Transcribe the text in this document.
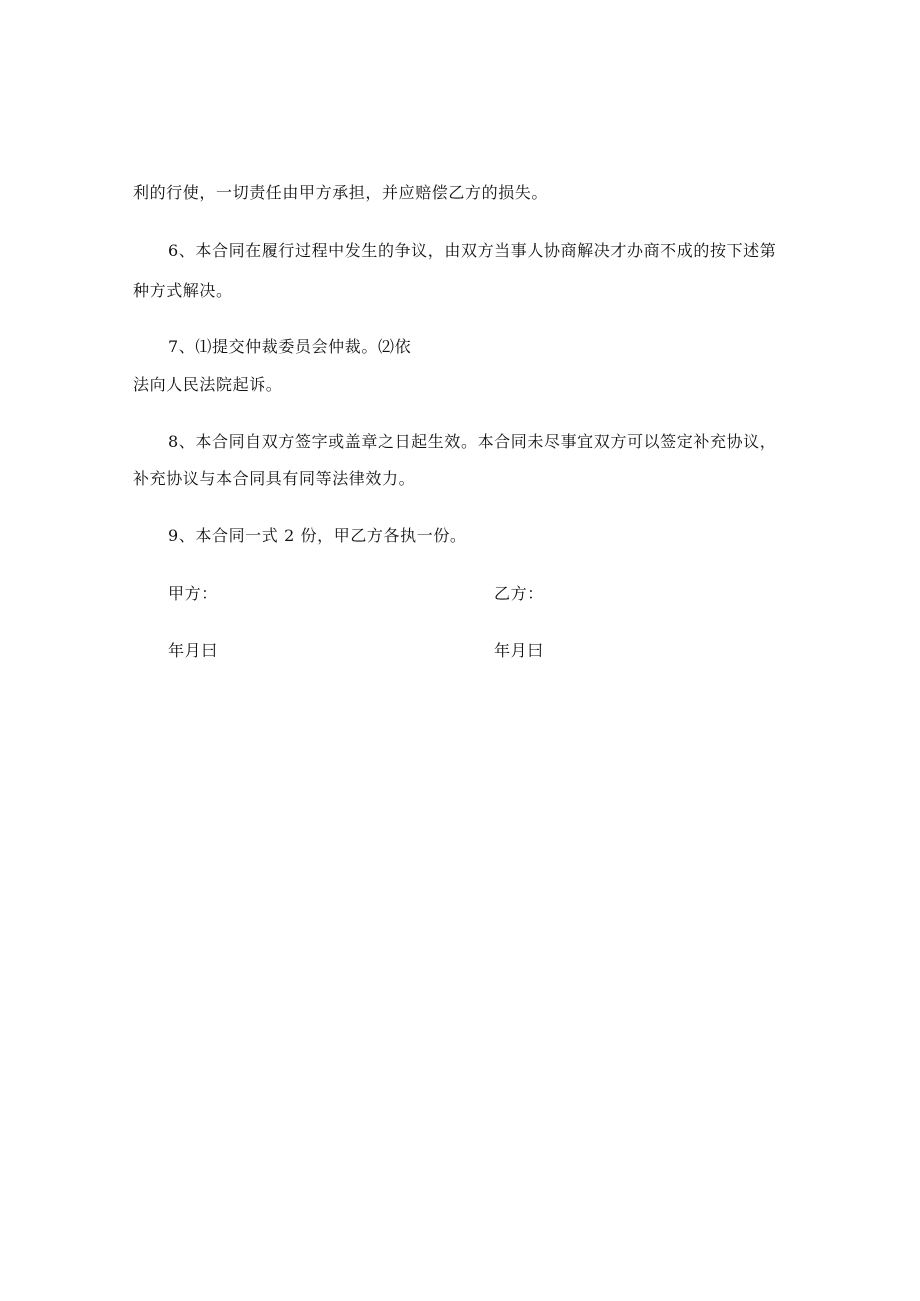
利的行使，一切责任由甲方承担，并应赔偿乙方的损失。
6、本合同在履行过程中发生的争议，由双方当事人协商解决才办商不成的按下述第
种方式解决。
7、⑴提交仲裁委员会仲裁。⑵依
法向人民法院起诉。
8、本合同自双方签字或盖章之日起生效。本合同未尽事宜双方可以签定补充协议，
补充协议与本合同具有同等法律效力。
9、本合同一式 2 份，甲乙方各执一份。
甲方：	乙方：
年月曰	年月曰
